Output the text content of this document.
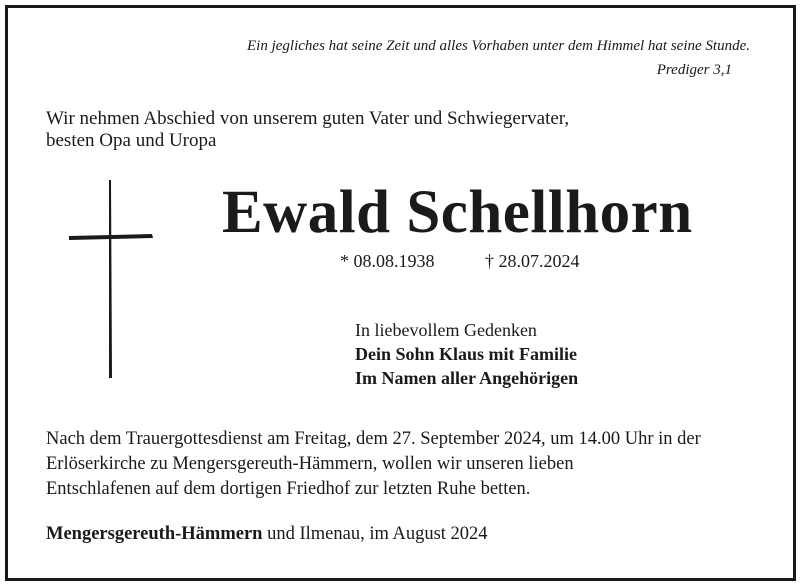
Ein jegliches hat seine Zeit und alles Vorhaben unter dem Himmel hat seine Stunde.
Prediger 3,1
Wir nehmen Abschied von unserem guten Vater und Schwiegervater,
besten Opa und Uropa
Ewald Schellhorn
* 08.08.1938	† 28.07.2024
In liebevollem Gedenken
Dein Sohn Klaus mit Familie
Im Namen aller Angehörigen
Nach dem Trauergottesdienst am Freitag, dem 27. September 2024, um 14.00 Uhr in der
Erlöserkirche zu Mengersgereuth-Hämmern, wollen wir unseren lieben
Entschlafenen auf dem dortigen Friedhof zur letzten Ruhe betten.
Mengersgereuth-Hämmern und Ilmenau, im August 2024
